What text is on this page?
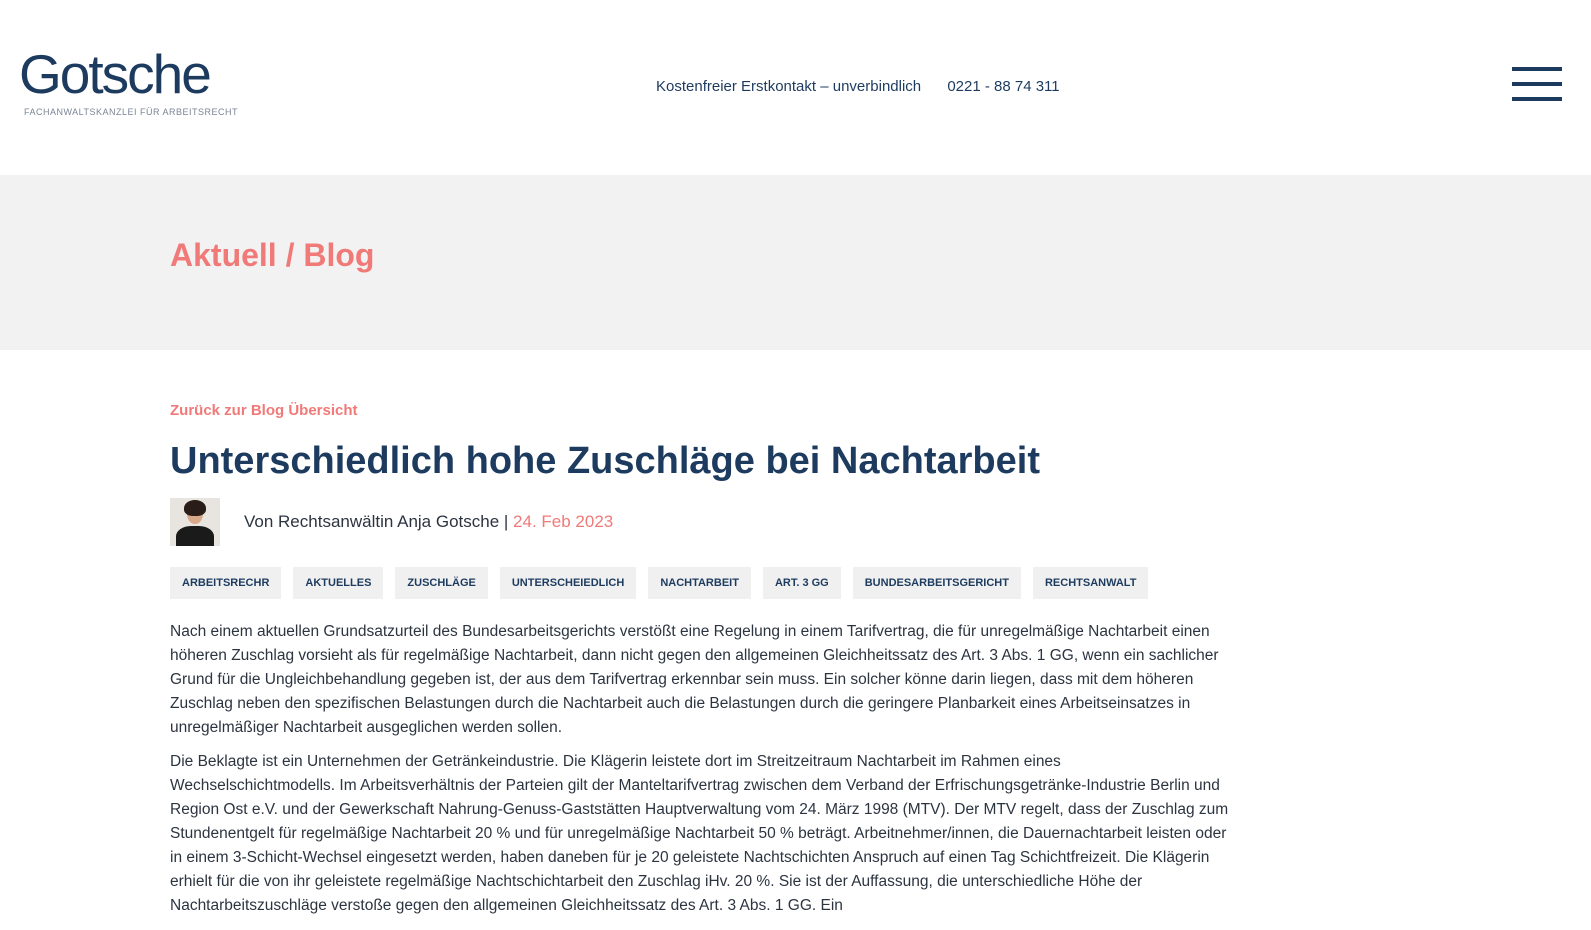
Gotsche
FACHANWALTSKANZLEI FÜR ARBEITSRECHT
Kostenfreier Erstkontakt – unverbindlich 0221 - 88 74 311
Aktuell / Blog
Zurück zur Blog Übersicht
Unterschiedlich hohe Zuschläge bei Nachtarbeit
Von Rechtsanwältin Anja Gotsche | 24. Feb 2023
ARBEITSRECHR	AKTUELLES	ZUSCHLÄGE	UNTERSCHEIEDLICH	NACHTARBEIT	ART. 3 GG	BUNDESARBEITSGERICHT	RECHTSANWALT

Nach einem aktuellen Grundsatzurteil des Bundesarbeitsgerichts verstößt eine Regelung in einem Tarifvertrag, die für unregelmäßige Nachtarbeit einen höheren Zuschlag vorsieht als für regelmäßige Nachtarbeit, dann nicht gegen den allgemeinen Gleichheitssatz des Art. 3 Abs. 1 GG, wenn ein sachlicher Grund für die Ungleichbehandlung gegeben ist, der aus dem Tarifvertrag erkennbar sein muss. Ein solcher könne darin liegen, dass mit dem höheren Zuschlag neben den spezifischen Belastungen durch die Nachtarbeit auch die Belastungen durch die geringere Planbarkeit eines Arbeitseinsatzes in unregelmäßiger Nachtarbeit ausgeglichen werden sollen.

Die Beklagte ist ein Unternehmen der Getränkeindustrie. Die Klägerin leistete dort im Streitzeitraum Nachtarbeit im Rahmen eines Wechselschichtmodells. Im Arbeitsverhältnis der Parteien gilt der Manteltarifvertrag zwischen dem Verband der Erfrischungsgetränke-Industrie Berlin und Region Ost e.V. und der Gewerkschaft Nahrung-Genuss-Gaststätten Hauptverwaltung vom 24. März 1998 (MTV). Der MTV regelt, dass der Zuschlag zum Stundenentgelt für regelmäßige Nachtarbeit 20 % und für unregelmäßige Nachtarbeit 50 % beträgt. Arbeitnehmer/innen, die Dauernachtarbeit leisten oder in einem 3-Schicht-Wechsel eingesetzt werden, haben daneben für je 20 geleistete Nachtschichten Anspruch auf einen Tag Schichtfreizeit. Die Klägerin erhielt für die von ihr geleistete regelmäßige Nachtschichtarbeit den Zuschlag iHv. 20 %. Sie ist der Auffassung, die unterschiedliche Höhe der Nachtarbeitszuschläge verstoße gegen den allgemeinen Gleichheitssatz des Art. 3 Abs. 1 GG. Ein
